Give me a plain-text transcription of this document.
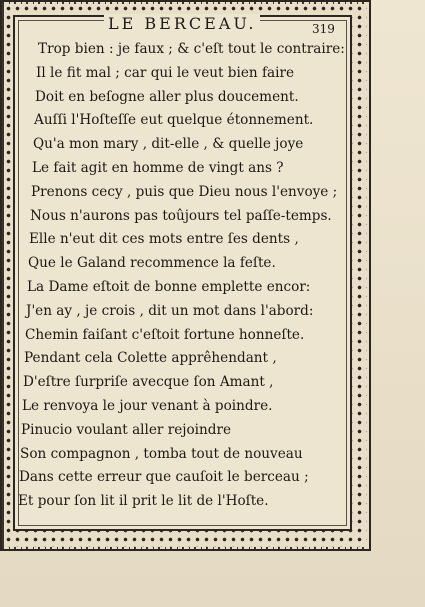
LE BERCEAU.	319
Trop bien : je faux ; & c'eſt tout le contraire:
Il le fit mal ; car qui le veut bien faire
Doit en beſogne aller plus doucement.
Auſſi l'Hoſteſſe eut quelque étonnement.
Qu'a mon mary , dit-elle , & quelle joye
Le fait agit en homme de vingt ans ?
Prenons cecy , puis que Dieu nous l'envoye ;
Nous n'aurons pas toûjours tel paſſe-temps.
Elle n'eut dit ces mots entre ſes dents ,
Que le Galand recommence la feſte.
La Dame eſtoit de bonne emplette encor:
J'en ay , je crois , dit un mot dans l'abord:
Chemin faiſant c'eſtoit fortune honneſte.
Pendant cela Colette apprêhendant ,
D'eſtre ſurpriſe avecque ſon Amant ,
Le renvoya le jour venant à poindre.
Pinucio voulant aller rejoindre
Son compagnon , tomba tout de nouveau
Dans cette erreur que cauſoit le berceau ;
Et pour ſon lit il prit le lit de l'Hoſte.
